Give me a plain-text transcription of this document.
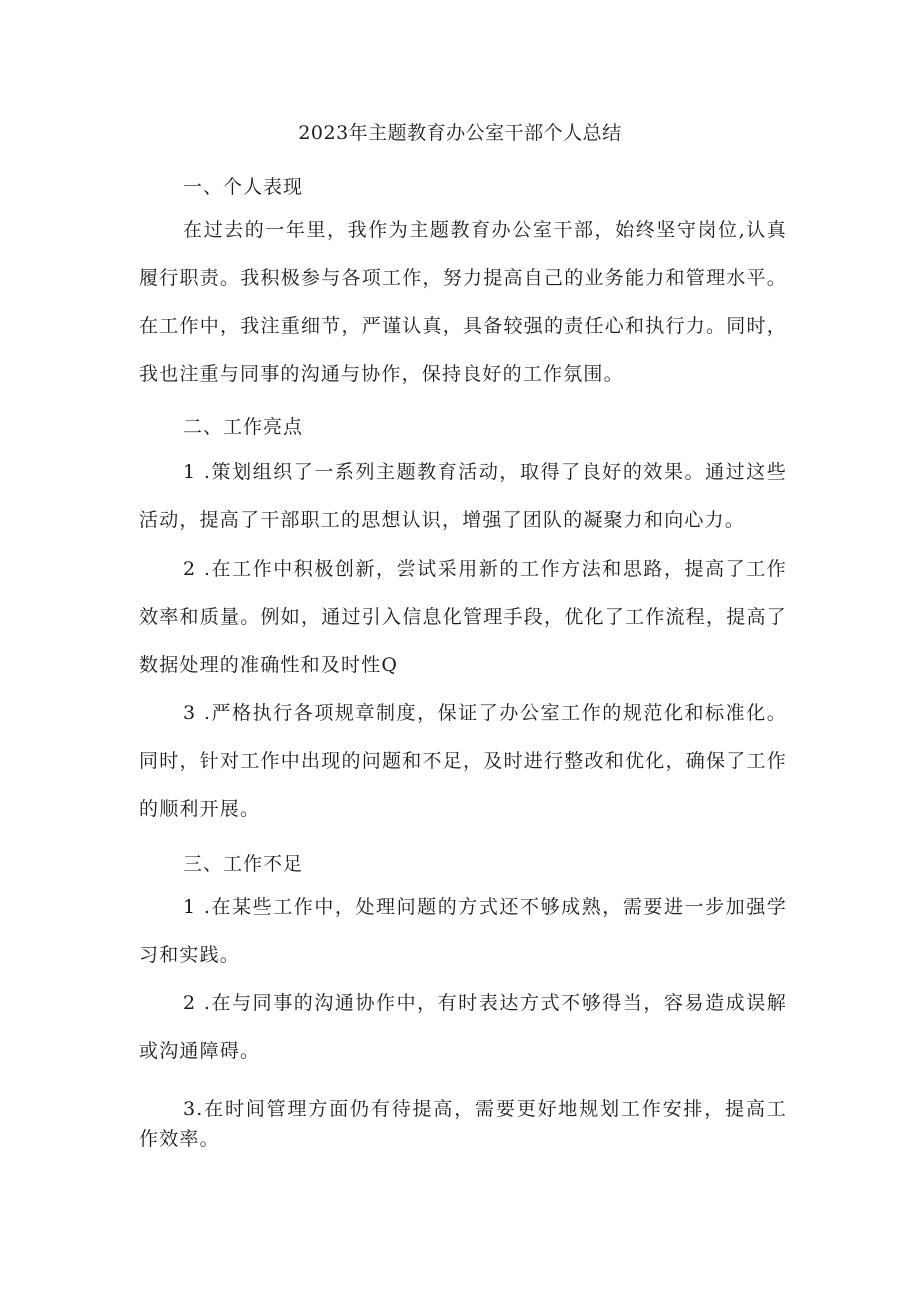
2023年主题教育办公室干部个人总结
一、个人表现
在过去的一年里，我作为主题教育办公室干部，始终坚守岗位,认真履行职责。我积极参与各项工作，努力提高自己的业务能力和管理水平。在工作中，我注重细节，严谨认真，具备较强的责任心和执行力。同时，我也注重与同事的沟通与协作，保持良好的工作氛围。
二、工作亮点
1 .策划组织了一系列主题教育活动，取得了良好的效果。通过这些活动，提高了干部职工的思想认识，增强了团队的凝聚力和向心力。
2 .在工作中积极创新，尝试采用新的工作方法和思路，提高了工作效率和质量。例如，通过引入信息化管理手段，优化了工作流程，提高了数据处理的准确性和及时性Q
3 .严格执行各项规章制度，保证了办公室工作的规范化和标准化。同时，针对工作中出现的问题和不足，及时进行整改和优化，确保了工作的顺利开展。
三、工作不足
1 .在某些工作中，处理问题的方式还不够成熟，需要进一步加强学习和实践。
2 .在与同事的沟通协作中，有时表达方式不够得当，容易造成误解或沟通障碍。
3.在时间管理方面仍有待提高，需要更好地规划工作安排，提高工作效率。
